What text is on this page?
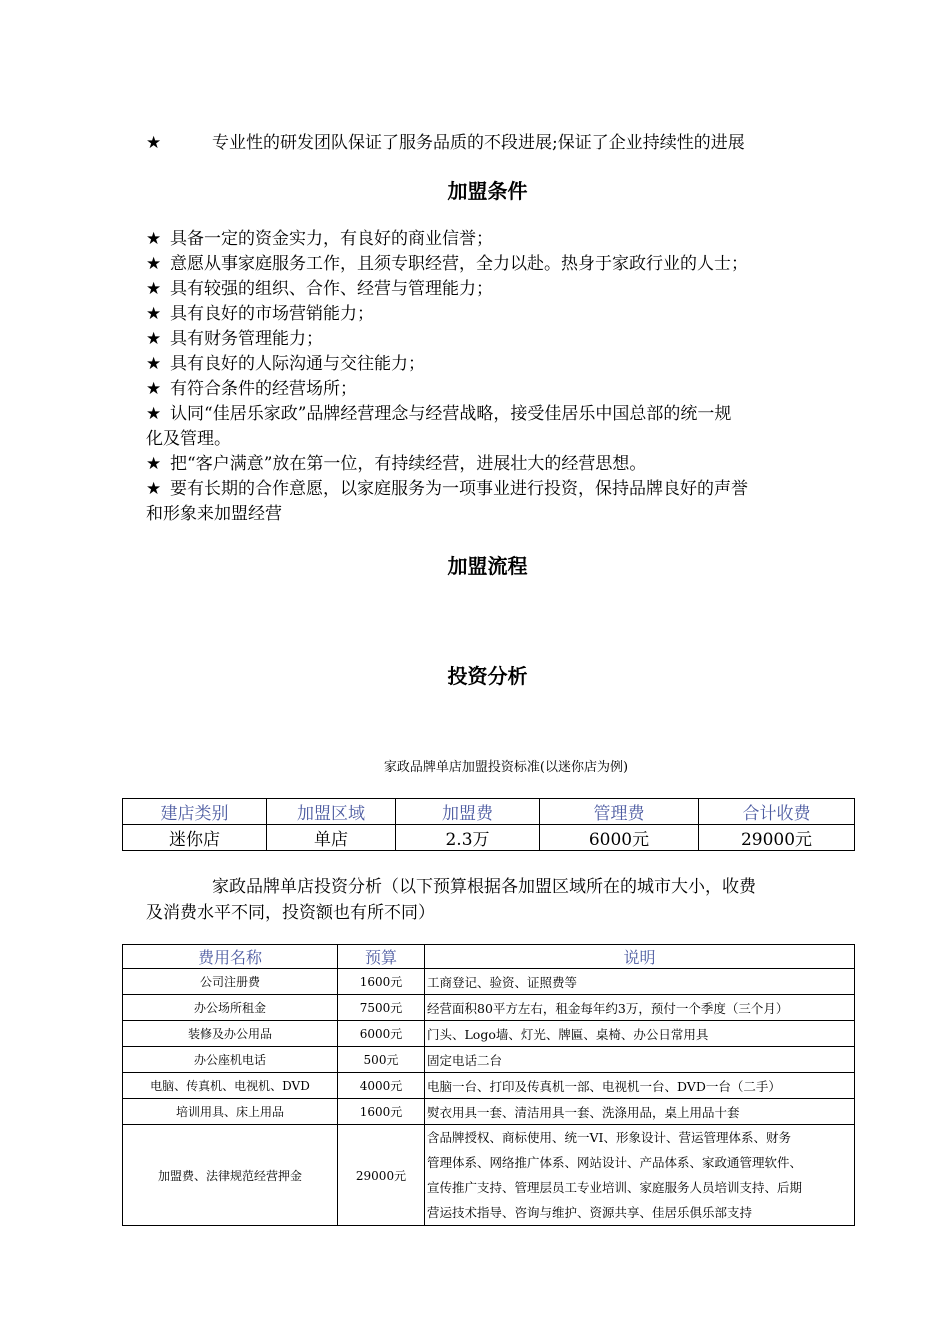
★	专业性的研发团队保证了服务品质的不段进展;保证了企业持续性的进展
加盟条件
★ 具备一定的资金实力，有良好的商业信誉；
★ 意愿从事家庭服务工作，且须专职经营，全力以赴。热身于家政行业的人士；
★ 具有较强的组织、合作、经营与管理能力；
★ 具有良好的市场营销能力；
★ 具有财务管理能力；
★ 具有良好的人际沟通与交往能力；
★ 有符合条件的经营场所；
★ 认同“佳居乐家政”品牌经营理念与经营战略，接受佳居乐中国总部的统一规
化及管理。
★ 把“客户满意”放在第一位，有持续经营，进展壮大的经营思想。
★ 要有长期的合作意愿，以家庭服务为一项事业进行投资，保持品牌良好的声誉
和形象来加盟经营
加盟流程
投资分析
家政品牌单店加盟投资标准(以迷你店为例)
建店类别	加盟区域	加盟费	管理费	合计收费
迷你店	单店	2.3万	6000元	29000元
家政品牌单店投资分析（以下预算根据各加盟区域所在的城市大小，收费
及消费水平不同，投资额也有所不同）
费用名称	预算	说明
公司注册费	1600元	工商登记、验资、证照费等
办公场所租金	7500元	经营面积80平方左右，租金每年约3万，预付一个季度（三个月）
装修及办公用品	6000元	门头、Logo墙、灯光、牌匾、桌椅、办公日常用具
办公座机电话	500元	固定电话二台
电脑、传真机、电视机、DVD	4000元	电脑一台、打印及传真机一部、电视机一台、DVD一台（二手）
培训用具、床上用品	1600元	熨衣用具一套、清洁用具一套、洗涤用品，桌上用品十套
加盟费、法律规范经营押金	29000元	含品牌授权、商标使用、统一VI、形象设计、营运管理体系、财务
管理体系、网络推广体系、网站设计、产品体系、家政通管理软件、
宣传推广支持、管理层员工专业培训、家庭服务人员培训支持、后期
营运技术指导、咨询与维护、资源共享、佳居乐俱乐部支持
